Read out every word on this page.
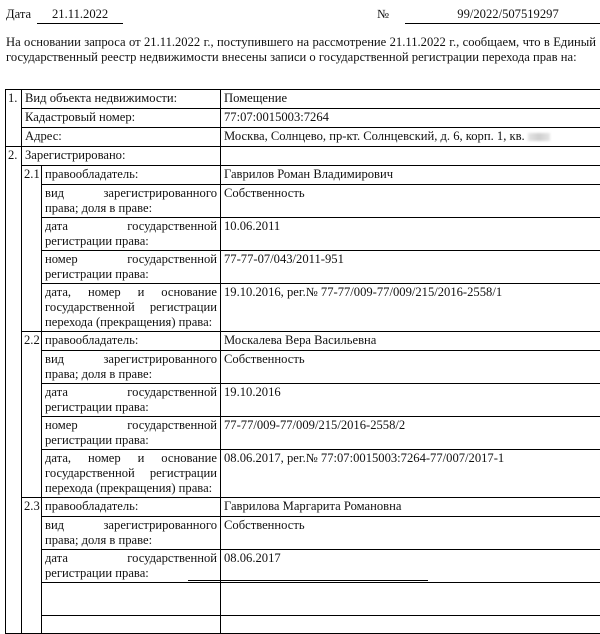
Дата 21.11.2022	№	99/2022/507519297
На основании запроса от 21.11.2022 г., поступившего на рассмотрение 21.11.2022 г., сообщаем, что в Единый государственный реестр недвижимости внесены записи о государственной регистрации перехода прав на:
1.	Вид объекта недвижимости:		Помещение
	Кадастровый номер:		77:07:0015003:7264
	Адрес:		Москва, Солнцево, пр-кт. Солнцевский, д. 6, корп. 1, кв.
2.	Зарегистрировано:		
	2.1	правообладатель:	Гаврилов Роман Владимирович
		вид зарегистрированного
права; доля в праве:	Собственность
		дата государственной
регистрации права:	10.06.2011
		номер государственной
регистрации права:	77-77-07/043/2011-951
		дата, номер и основание государственной регистрации
перехода (прекращения) права:	19.10.2016, рег.№ 77-77/009-77/009/215/2016-2558/1
	2.2	правообладатель:	Москалева Вера Васильевна
		вид зарегистрированного
права; доля в праве:	Собственность
		дата государственной
регистрации права:	19.10.2016
		номер государственной
регистрации права:	77-77/009-77/009/215/2016-2558/2
		дата, номер и основание государственной регистрации
перехода (прекращения) права:	08.06.2017, рег.№ 77:07:0015003:7264-77/007/2017-1
	2.3	правообладатель:	Гаврилова Маргарита Романовна
		вид зарегистрированного
права; доля в праве:	Собственность
		дата государственной
регистрации права:	08.06.2017
